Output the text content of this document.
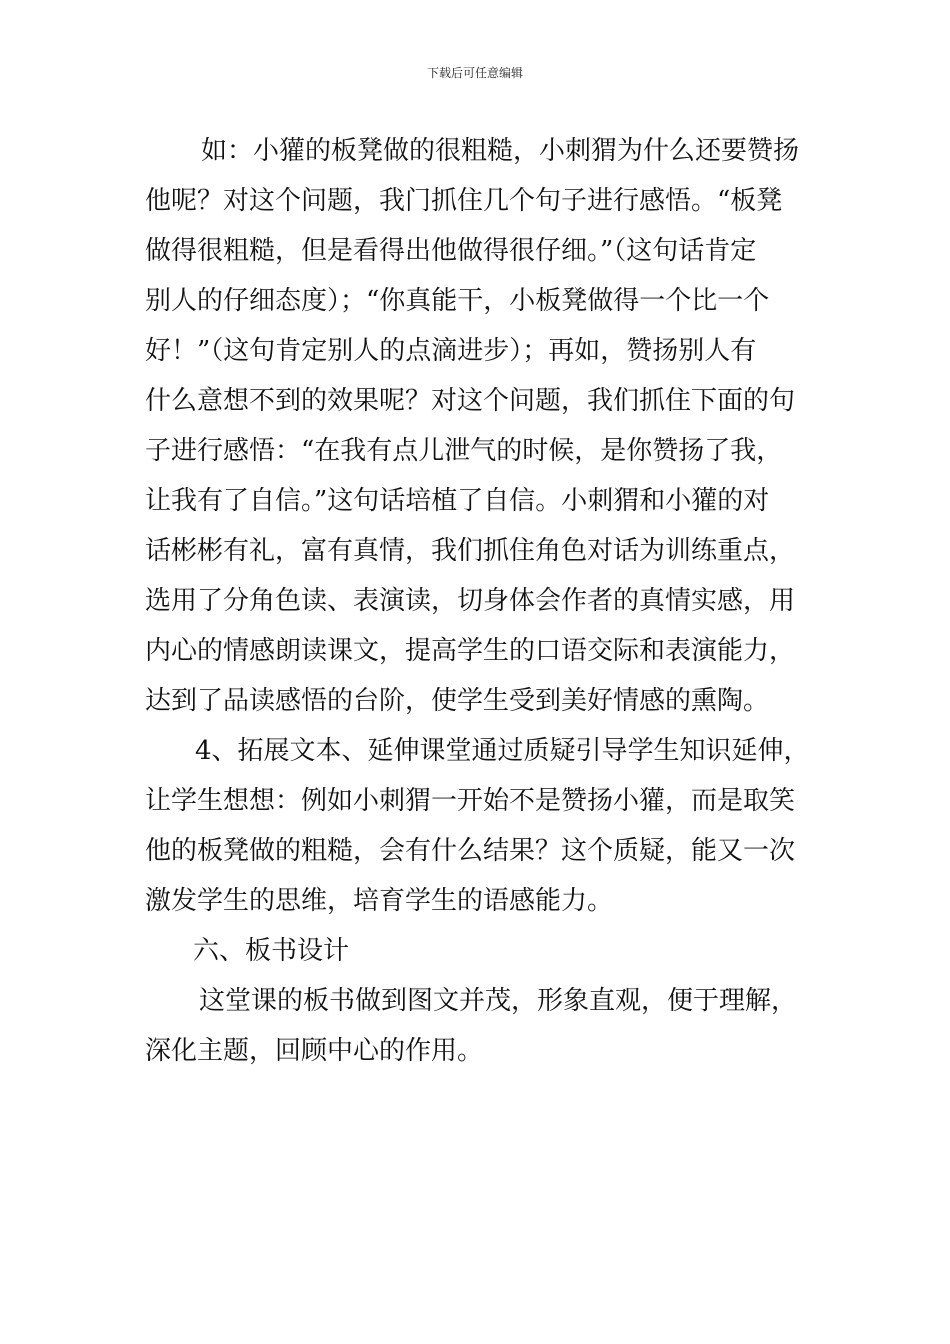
下载后可任意编辑
如：小獾的板凳做的很粗糙，小刺猬为什么还要赞扬
他呢？对这个问题，我门抓住几个句子进行感悟。“板凳
做得很粗糙，但是看得出他做得很仔细。”（这句话肯定
别人的仔细态度）；“你真能干，小板凳做得一个比一个
好！”（这句肯定别人的点滴进步）；再如，赞扬别人有
什么意想不到的效果呢？对这个问题，我们抓住下面的句
子进行感悟：“在我有点儿泄气的时候，是你赞扬了我，
让我有了自信。”这句话培植了自信。小刺猬和小獾的对
话彬彬有礼，富有真情，我们抓住角色对话为训练重点，
选用了分角色读、表演读，切身体会作者的真情实感，用
内心的情感朗读课文，提高学生的口语交际和表演能力，
达到了品读感悟的台阶，使学生受到美好情感的熏陶。
4、拓展文本、延伸课堂通过质疑引导学生知识延伸，
让学生想想：例如小刺猬一开始不是赞扬小獾，而是取笑
他的板凳做的粗糙，会有什么结果？这个质疑，能又一次
激发学生的思维，培育学生的语感能力。
六、板书设计
这堂课的板书做到图文并茂，形象直观，便于理解，
深化主题，回顾中心的作用。
